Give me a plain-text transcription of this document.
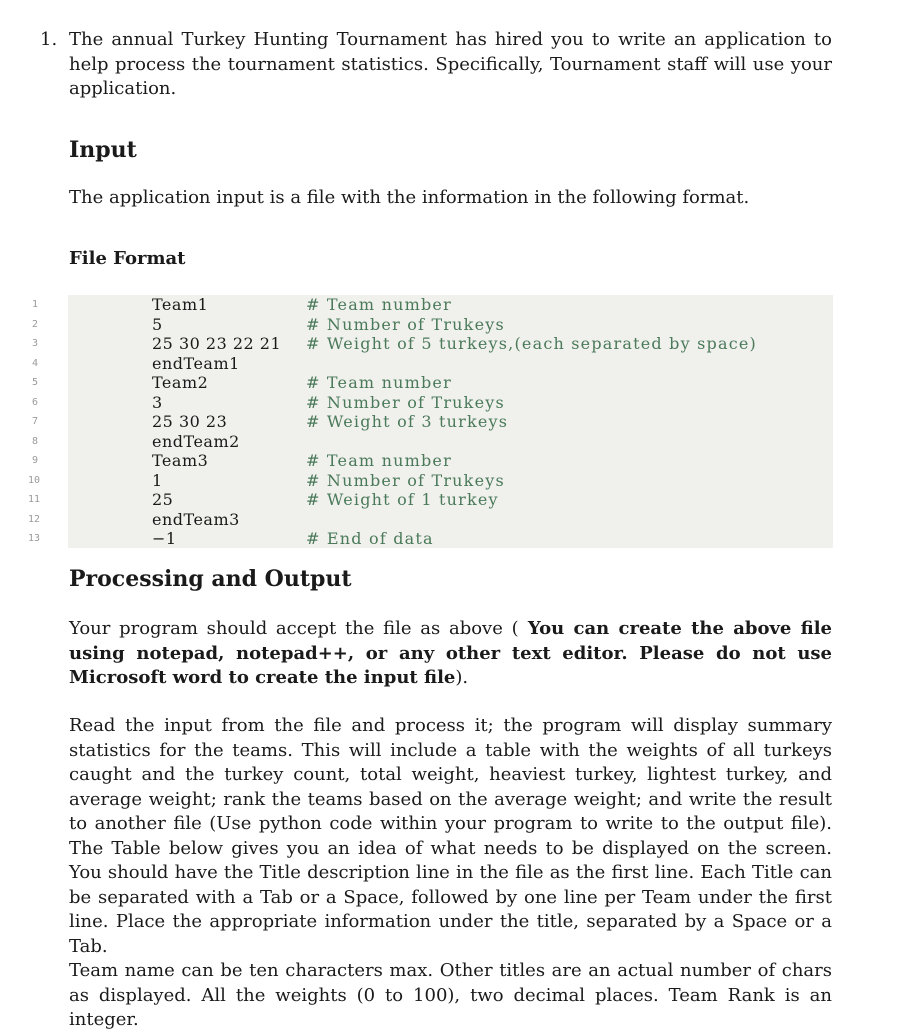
1. The annual Turkey Hunting Tournament has hired you to write an application to help process the tournament statistics. Specifically, Tournament staff will use your application.
Input

The application input is a file with the information in the following format.

File Format
1	Team1	# Team number
2	5	# Number of Trukeys
3	25 30 23 22 21 # Weight of 5 turkeys,(each separated by space)
4	endTeam1
5	Team2	# Team number
6	3	# Number of Trukeys
7	25 30 23	# Weight of 3 turkeys
8	endTeam2
9	Team3	# Team number
10	1	# Number of Trukeys
11	25	# Weight of 1 turkey
12	endTeam3
13	−1	# End of data
Processing and Output

Your program should accept the file as above ( You can create the above file using notepad, notepad++, or any other text editor. Please do not use Microsoft word to create the input file).

Read the input from the file and process it; the program will display summary statistics for the teams. This will include a table with the weights of all turkeys caught and the turkey count, total weight, heaviest turkey, lightest turkey, and average weight; rank the teams based on the average weight; and write the result to another file (Use python code within your program to write to the output file). The Table below gives you an idea of what needs to be displayed on the screen. You should have the Title description line in the file as the first line. Each Title can be separated with a Tab or a Space, followed by one line per Team under the first line. Place the appropriate information under the title, separated by a Space or a Tab.

Team name can be ten characters max. Other titles are an actual number of chars as displayed. All the weights (0 to 100), two decimal places. Team Rank is an integer.
